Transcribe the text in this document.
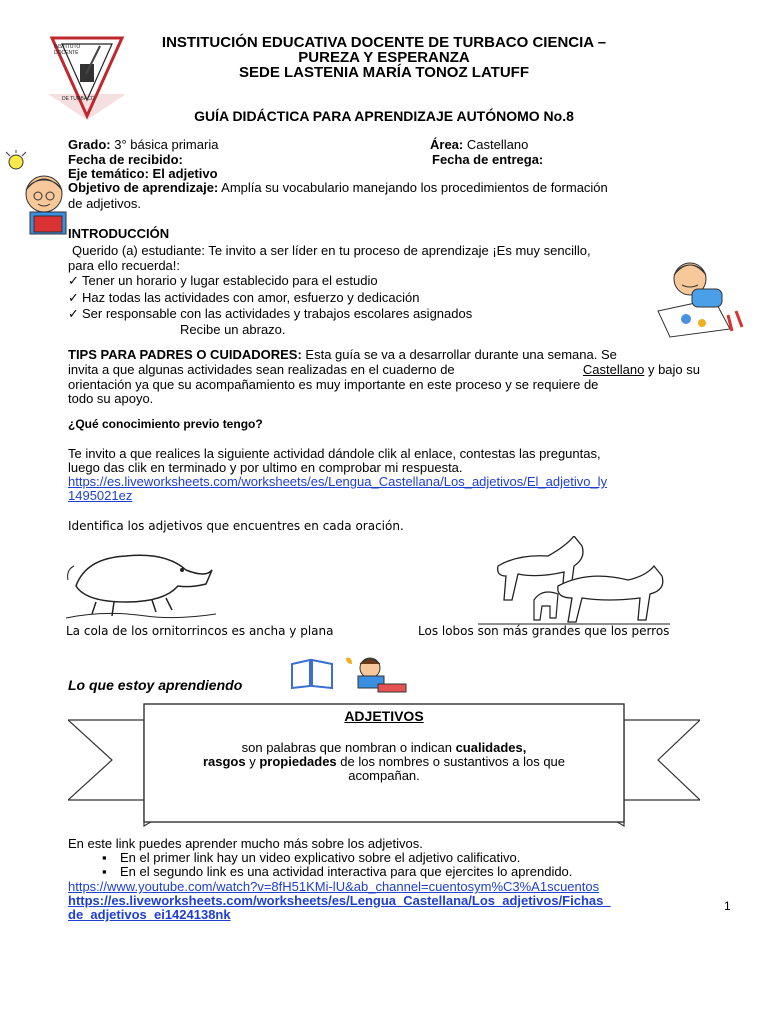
INSTITUTO DOCENTE
DE TURBACO
INSTITUCIÓN EDUCATIVA DOCENTE DE TURBACO CIENCIA –
PUREZA Y ESPERANZA
SEDE LASTENIA MARÍA TONOZ LATUFF
GUÍA DIDÁCTICA PARA APRENDIZAJE AUTÓNOMO No.8
Grado: 3° básica primaria	Área: Castellano
Fecha de recibido:	Fecha de entrega:
Eje temático: El adjetivo
Objetivo de aprendizaje: Amplía su vocabulario manejando los procedimientos de formación
de adjetivos.
INTRODUCCIÓN
Querido (a) estudiante: Te invito a ser líder en tu proceso de aprendizaje ¡Es muy sencillo,
para ello recuerda!:
✓ Tener un horario y lugar establecido para el estudio
✓ Haz todas las actividades con amor, esfuerzo y dedicación
✓ Ser responsable con las actividades y trabajos escolares asignados
Recibe un abrazo.
TIPS PARA PADRES O CUIDADORES: Esta guía se va a desarrollar durante una semana. Se
invita a que algunas actividades sean realizadas en el cuaderno de	Castellano y bajo su
orientación ya que su acompañamiento es muy importante en este proceso y se requiere de
todo su apoyo.
¿Qué conocimiento previo tengo?
Te invito a que realices la siguiente actividad dándole clik al enlace, contestas las preguntas,
luego das clik en terminado y por ultimo en comprobar mi respuesta.
https://es.liveworksheets.com/worksheets/es/Lengua_Castellana/Los_adjetivos/El_adjetivo_ly
1495021ez
Identifica los adjetivos que encuentres en cada oración.
La cola de los ornitorrincos es ancha y plana	Los lobos son más grandes que los perros
Lo que estoy aprendiendo
ADJETIVOS
son palabras que nombran o indican cualidades,
rasgos y propiedades de los nombres o sustantivos a los que
acompañan.
En este link puedes aprender mucho más sobre los adjetivos.
▪ En el primer link hay un video explicativo sobre el adjetivo calificativo.
▪ En el segundo link es una actividad interactiva para que ejercites lo aprendido.
https://www.youtube.com/watch?v=8fH51KMi-lU&ab_channel=cuentosym%C3%A1scuentos
https://es.liveworksheets.com/worksheets/es/Lengua_Castellana/Los_adjetivos/Fichas_
de_adjetivos_ei1424138nk
1
